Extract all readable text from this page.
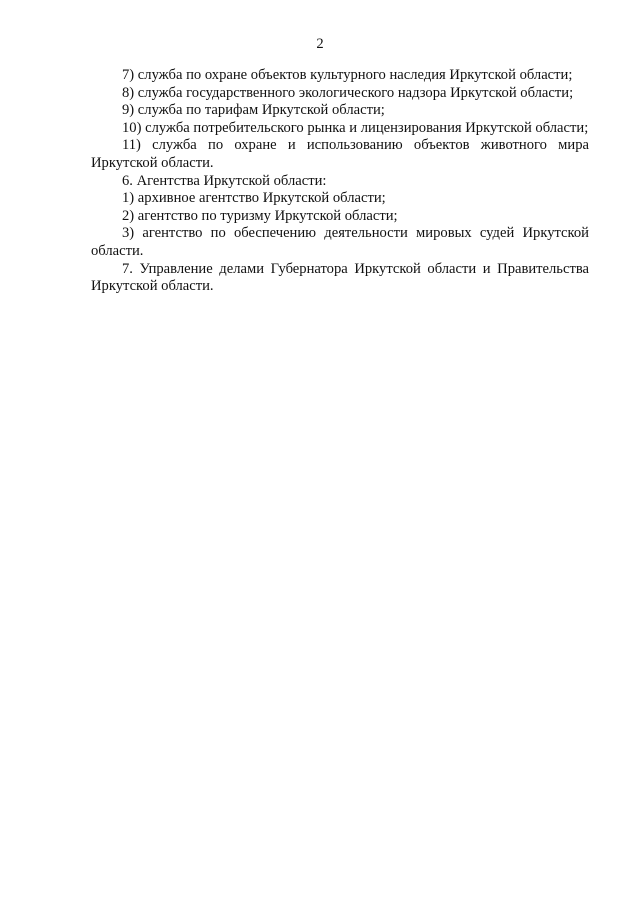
2

7) служба по охране объектов культурного наследия Иркутской области;

8) служба государственного экологического надзора Иркутской области;

9) служба по тарифам Иркутской области;

10) служба потребительского рынка и лицензирования Иркутской области;

11) служба по охране и использованию объектов животного мира Иркутской области.

6. Агентства Иркутской области:

1) архивное агентство Иркутской области;

2) агентство по туризму Иркутской области;

3) агентство по обеспечению деятельности мировых судей Иркутской области.

7. Управление делами Губернатора Иркутской области и Правительства Иркутской области.
